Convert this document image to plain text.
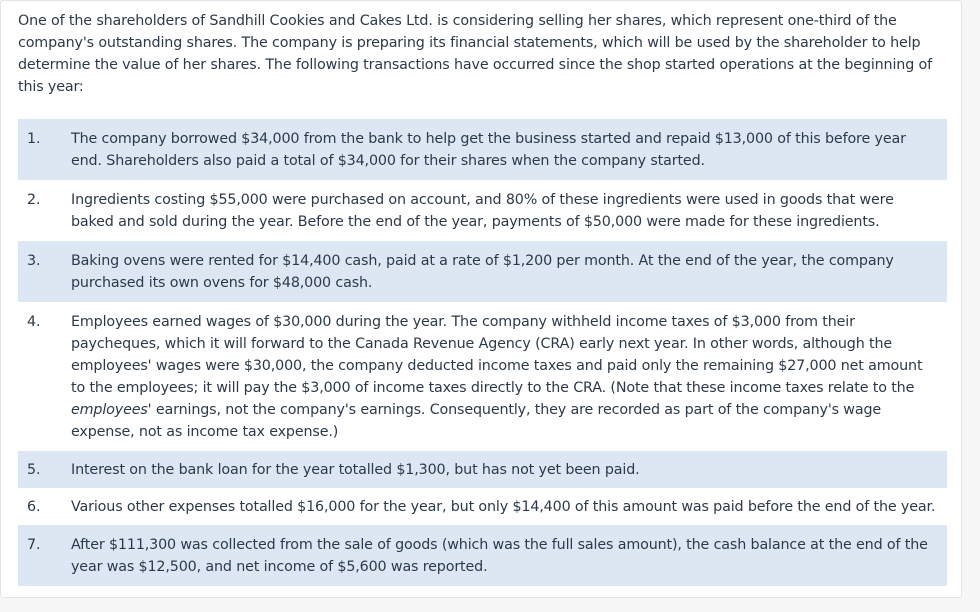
One of the shareholders of Sandhill Cookies and Cakes Ltd. is considering selling her shares, which represent one-third of the company's outstanding shares. The company is preparing its financial statements, which will be used by the shareholder to help determine the value of her shares. The following transactions have occurred since the shop started operations at the beginning of this year:

1.	The company borrowed $34,000 from the bank to help get the business started and repaid $13,000 of this before year end. Shareholders also paid a total of $34,000 for their shares when the company started.
2.	Ingredients costing $55,000 were purchased on account, and 80% of these ingredients were used in goods that were baked and sold during the year. Before the end of the year, payments of $50,000 were made for these ingredients.
3.	Baking ovens were rented for $14,400 cash, paid at a rate of $1,200 per month. At the end of the year, the company purchased its own ovens for $48,000 cash.
4.	Employees earned wages of $30,000 during the year. The company withheld income taxes of $3,000 from their paycheques, which it will forward to the Canada Revenue Agency (CRA) early next year. In other words, although the employees' wages were $30,000, the company deducted income taxes and paid only the remaining $27,000 net amount to the employees; it will pay the $3,000 of income taxes directly to the CRA. (Note that these income taxes relate to the employees' earnings, not the company's earnings. Consequently, they are recorded as part of the company's wage expense, not as income tax expense.)
5.	Interest on the bank loan for the year totalled $1,300, but has not yet been paid.
6.	Various other expenses totalled $16,000 for the year, but only $14,400 of this amount was paid before the end of the year.
7.	After $111,300 was collected from the sale of goods (which was the full sales amount), the cash balance at the end of the year was $12,500, and net income of $5,600 was reported.
